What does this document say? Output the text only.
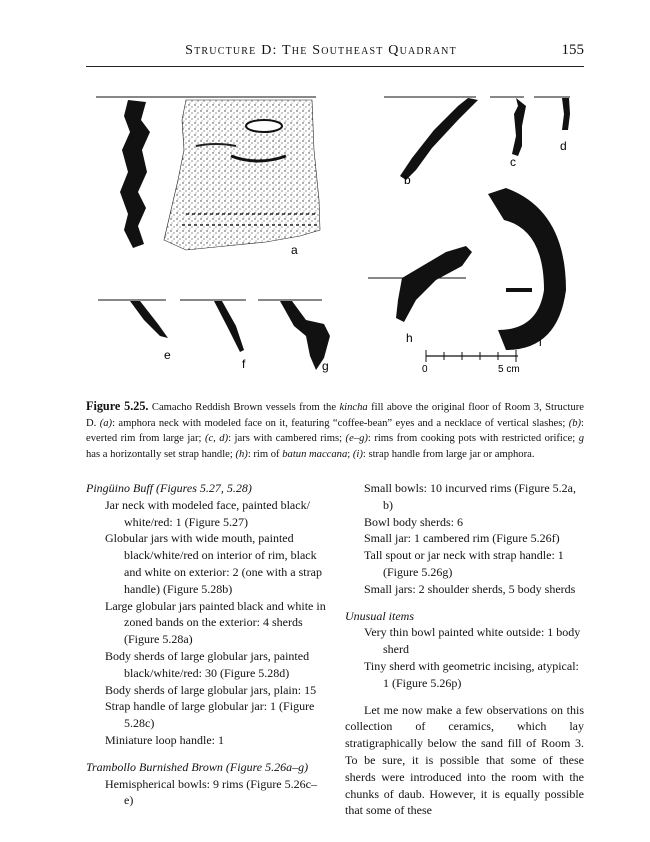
Structure D: The Southeast Quadrant	155
a
b
c
d
i
h
0	5 cm
e
f	g
Figure 5.25. Camacho Reddish Brown vessels from the kincha fill above the original floor of Room 3, Structure D. (a): amphora neck with modeled face on it, featuring “coffee-bean” eyes and a necklace of vertical slashes; (b): everted rim from large jar; (c, d): jars with cambered rims; (e–g): rims from cooking pots with restricted orifice; g has a horizontally set strap handle; (h): rim of batun maccana; (i): strap handle from large jar or amphora.
Pingüino Buff (Figures 5.27, 5.28)
Jar neck with modeled face, painted black/ white/red: 1 (Figure 5.27)
Globular jars with wide mouth, painted black/white/red on interior of rim, black and white on exterior: 2 (one with a strap handle) (Figure 5.28b)
Large globular jars painted black and white in zoned bands on the exterior: 4 sherds (Figure 5.28a)
Body sherds of large globular jars, painted black/white/red: 30 (Figure 5.28d)
Body sherds of large globular jars, plain: 15
Strap handle of large globular jar: 1 (Figure 5.28c)
Miniature loop handle: 1
Trambollo Burnished Brown (Figure 5.26a–g)
Hemispherical bowls: 9 rims (Figure 5.26c–e)
Small bowls: 10 incurved rims (Figure 5.2a, b)
Bowl body sherds: 6
Small jar: 1 cambered rim (Figure 5.26f)
Tall spout or jar neck with strap handle: 1 (Figure 5.26g)
Small jars: 2 shoulder sherds, 5 body sherds
Unusual items
Very thin bowl painted white outside: 1 body sherd
Tiny sherd with geometric incising, atypical: 1 (Figure 5.26p)
Let me now make a few observations on this collection of ceramics, which lay stratigraphically below the sand fill of Room 3. To be sure, it is possible that some of these sherds were introduced into the room with the chunks of daub. However, it is equally possible that some of these
